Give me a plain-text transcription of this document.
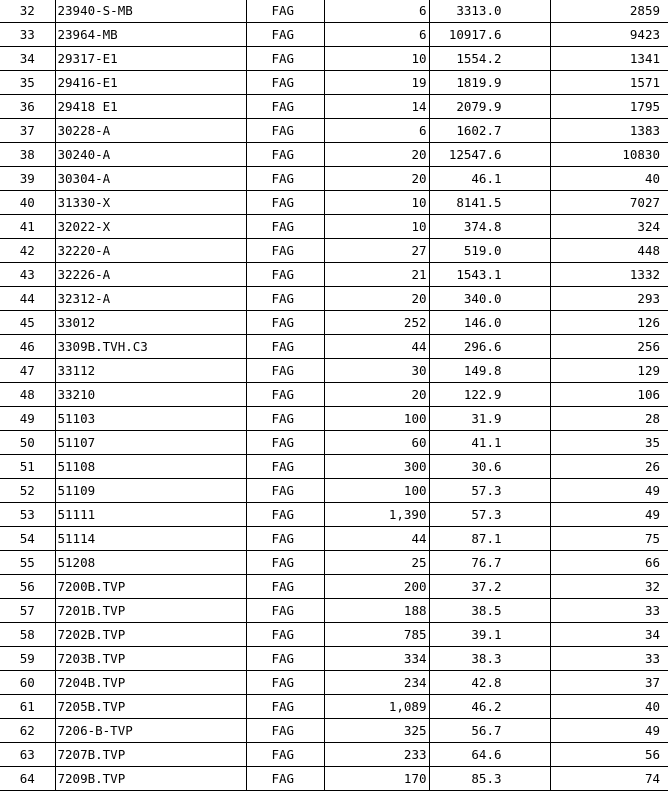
32	23940-S-MB	FAG	6	3313.0	2859
33	23964-MB	FAG	6	10917.6	9423
34	29317-E1	FAG	10	1554.2	1341
35	29416-E1	FAG	19	1819.9	1571
36	29418 E1	FAG	14	2079.9	1795
37	30228-A	FAG	6	1602.7	1383
38	30240-A	FAG	20	12547.6	10830
39	30304-A	FAG	20	46.1	40
40	31330-X	FAG	10	8141.5	7027
41	32022-X	FAG	10	374.8	324
42	32220-A	FAG	27	519.0	448
43	32226-A	FAG	21	1543.1	1332
44	32312-A	FAG	20	340.0	293
45	33012	FAG	252	146.0	126
46	3309B.TVH.C3	FAG	44	296.6	256
47	33112	FAG	30	149.8	129
48	33210	FAG	20	122.9	106
49	51103	FAG	100	31.9	28
50	51107	FAG	60	41.1	35
51	51108	FAG	300	30.6	26
52	51109	FAG	100	57.3	49
53	51111	FAG	1,390	57.3	49
54	51114	FAG	44	87.1	75
55	51208	FAG	25	76.7	66
56	7200B.TVP	FAG	200	37.2	32
57	7201B.TVP	FAG	188	38.5	33
58	7202B.TVP	FAG	785	39.1	34
59	7203B.TVP	FAG	334	38.3	33
60	7204B.TVP	FAG	234	42.8	37
61	7205B.TVP	FAG	1,089	46.2	40
62	7206-B-TVP	FAG	325	56.7	49
63	7207B.TVP	FAG	233	64.6	56
64	7209B.TVP	FAG	170	85.3	74
